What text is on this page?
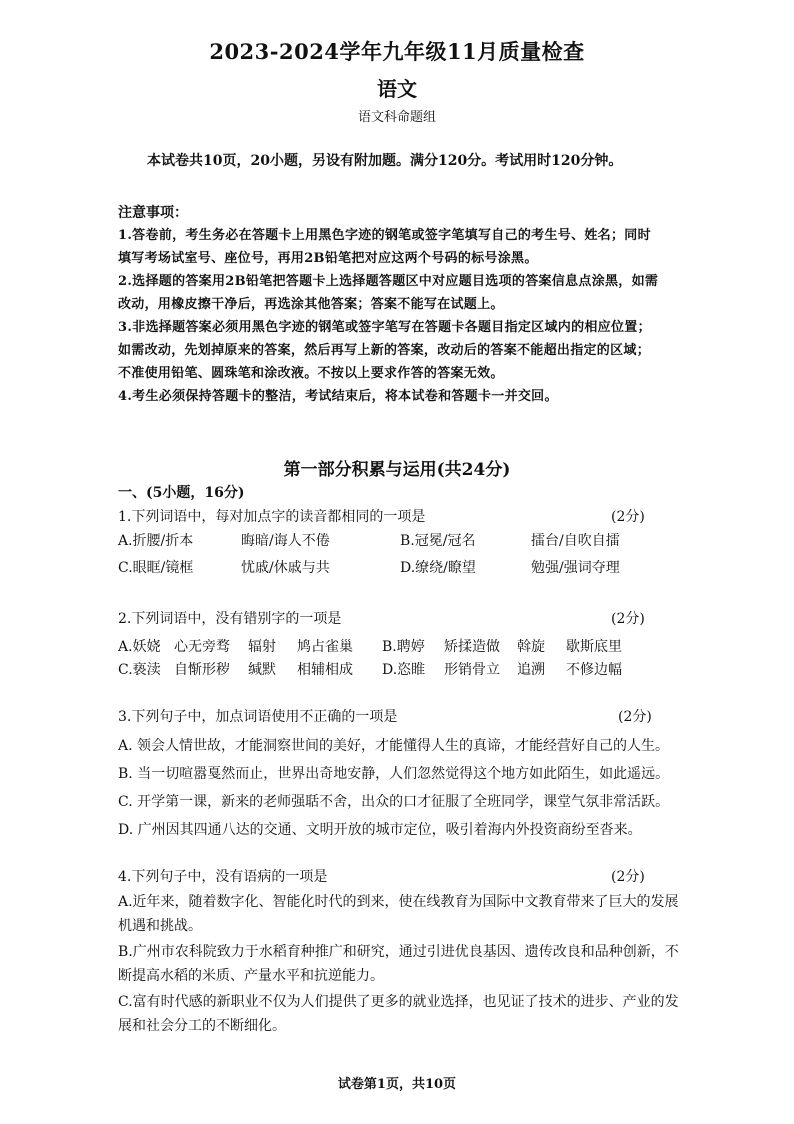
2023-2024学年九年级11月质量检查
语文
语文科命题组
本试卷共10页，20小题，另设有附加题。满分120分。考试用时120分钟。
注意事项：
1.答卷前，考生务必在答题卡上用黑色字迹的钢笔或签字笔填写自己的考生号、姓名；同时
填写考场试室号、座位号，再用2B铅笔把对应这两个号码的标号涂黑。
2.选择题的答案用2B铅笔把答题卡上选择题答题区中对应题目选项的答案信息点涂黑，如需
改动，用橡皮擦干净后，再选涂其他答案；答案不能写在试题上。
3.非选择题答案必须用黑色字迹的钢笔或签字笔写在答题卡各题目指定区域内的相应位置；
如需改动，先划掉原来的答案，然后再写上新的答案，改动后的答案不能超出指定的区域；
不准使用铅笔、圆珠笔和涂改液。不按以上要求作答的答案无效。
4.考生必须保持答题卡的整洁，考试结束后，将本试卷和答题卡一并交回。
第一部分积累与运用(共24分)
一、(5小题，16分)
1.下列词语中，每对加点字的读音都相同的一项是	(2分)
A.折腰/折本	晦暗/诲人不倦	B.冠冕/冠名	擂台/自吹自擂
C.眼眶/镜框	忧戚/休戚与共	D.缭绕/瞭望	勉强/强词夺理
2.下列词语中，没有错别字的一项是	(2分)
A.妖娆 心无旁骛 辐射 鸠占雀巢 B.聘婷 矫揉造做 斡旋 歇斯底里
C.亵渎 自惭形秽 缄默 相辅相成 D.恣睢 形销骨立 追溯 不修边幅
3.下列句子中，加点词语使用不正确的一项是	(2分)
A. 领会人情世故，才能洞察世间的美好，才能懂得人生的真谛，才能经营好自己的人生。
B. 当一切喧嚣戛然而止，世界出奇地安静，人们忽然觉得这个地方如此陌生，如此遥远。
C. 开学第一课，新来的老师强聒不舍，出众的口才征服了全班同学，课堂气氛非常活跃。
D. 广州因其四通八达的交通、文明开放的城市定位，吸引着海内外投资商纷至沓来。
4.下列句子中，没有语病的一项是	(2分)
A.近年来，随着数字化、智能化时代的到来，使在线教育为国际中文教育带来了巨大的发展机遇和挑战。
B.广州市农科院致力于水稻育种推广和研究，通过引进优良基因、遗传改良和品种创新，不断提高水稻的米质、产量水平和抗逆能力。
C.富有时代感的新职业不仅为人们提供了更多的就业选择，也见证了技术的进步、产业的发展和社会分工的不断细化。
试卷第1页，共10页
